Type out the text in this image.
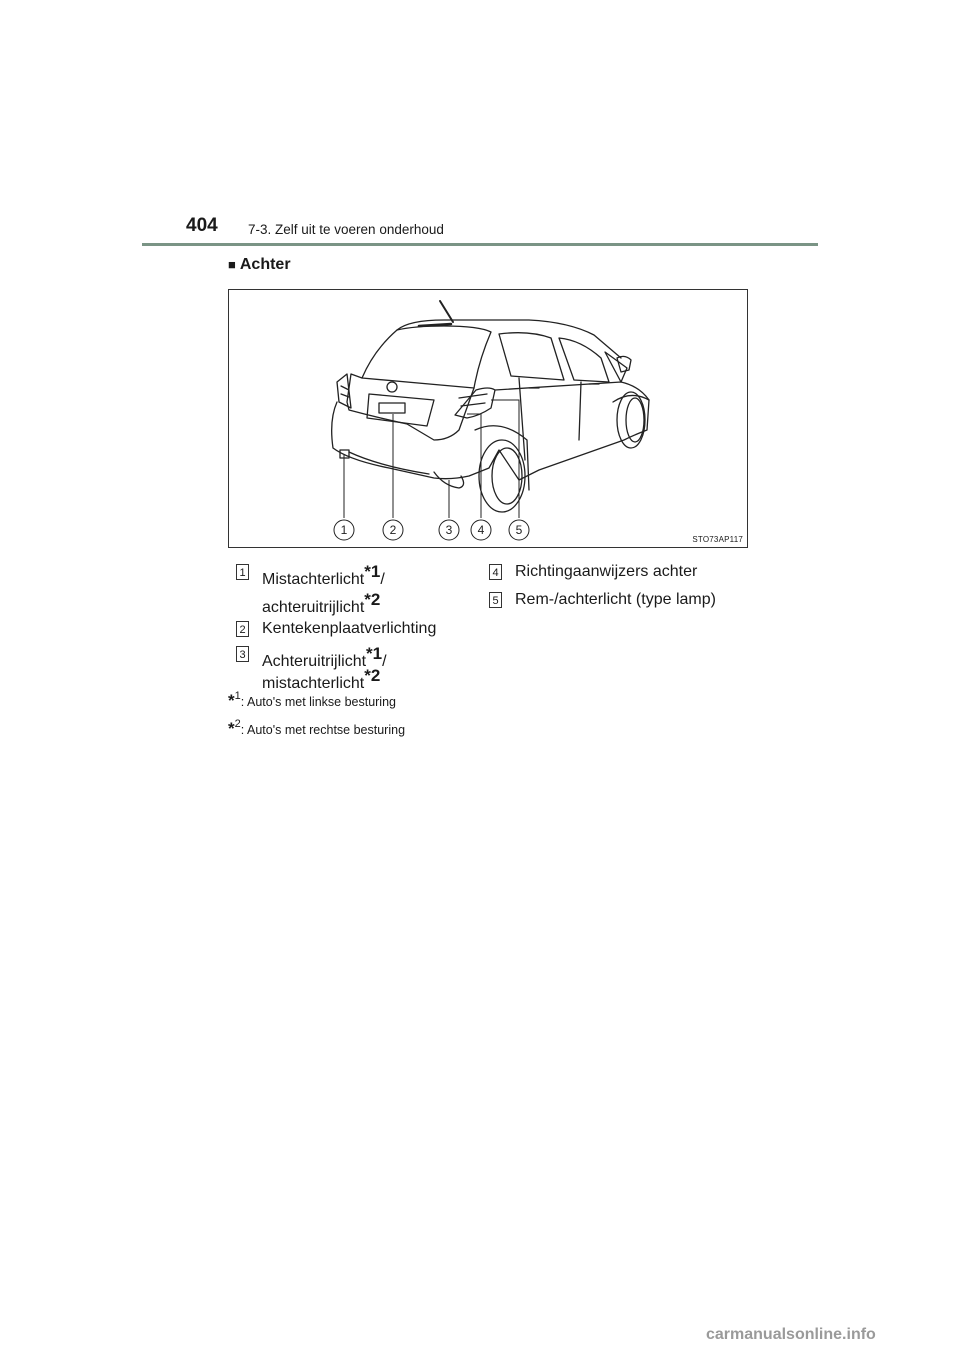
404 7-3. Zelf uit te voeren onderhoud
■ Achter
1	2	3 4	5
STO73AP117
1 Mistachterlicht$^{*1}$/
achteruitrijlicht$^{*2}$
2 Kentekenplaatverlichting
3 Achteruitrijlicht$^{*1}$/
mistachterlicht$^{*2}$
4 Richtingaanwijzers achter
5 Rem-/achterlicht (type lamp)
*$^1$: Auto's met linkse besturing
*$^2$: Auto's met rechtse besturing
carmanualsonline.info
